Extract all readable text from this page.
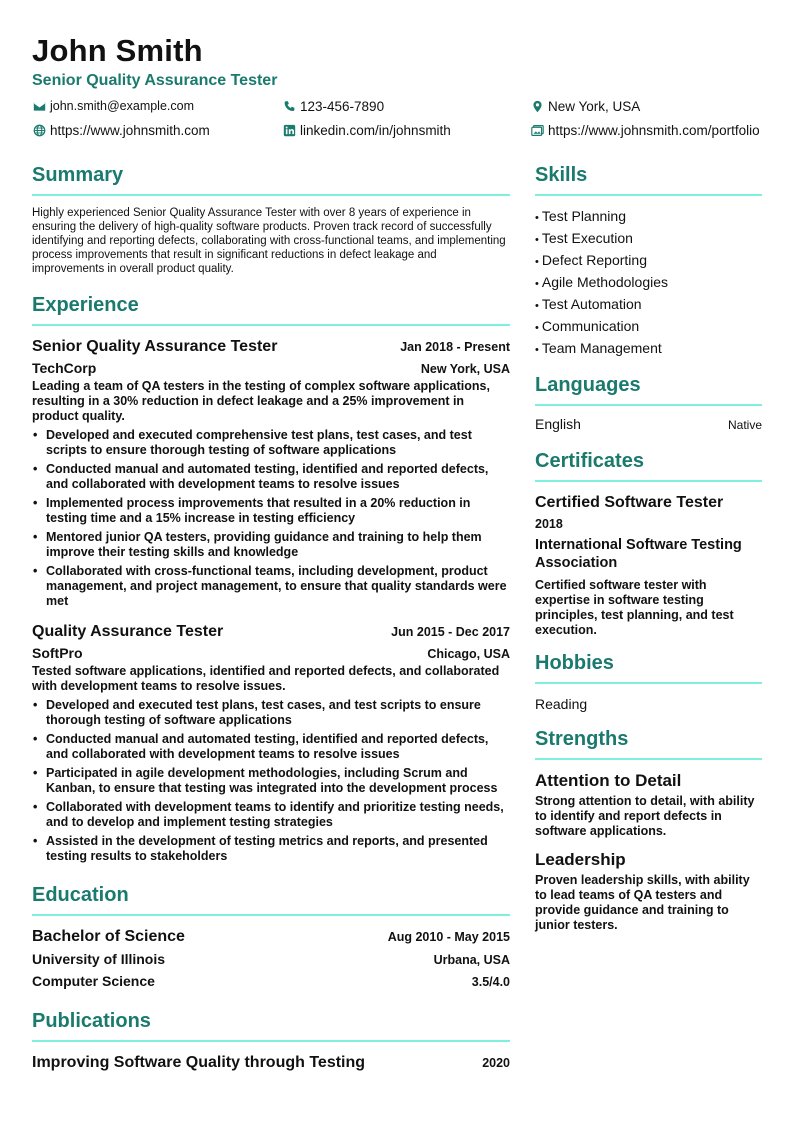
John Smith
Senior Quality Assurance Tester
john.smith@example.com	123-456-7890	New York, USA
https://www.johnsmith.com	linkedin.com/in/johnsmith	https://www.johnsmith.com/portfolio
Summary
Highly experienced Senior Quality Assurance Tester with over 8 years of experience in ensuring the delivery of high-quality software products. Proven track record of successfully identifying and reporting defects, collaborating with cross-functional teams, and implementing process improvements that result in significant reductions in defect leakage and improvements in overall product quality.
Experience
Senior Quality Assurance Tester	Jan 2018 - Present
TechCorp	New York, USA
Leading a team of QA testers in the testing of complex software applications, resulting in a 30% reduction in defect leakage and a 25% improvement in product quality.
• Developed and executed comprehensive test plans, test cases, and test scripts to ensure thorough testing of software applications
• Conducted manual and automated testing, identified and reported defects, and collaborated with development teams to resolve issues
• Implemented process improvements that resulted in a 20% reduction in testing time and a 15% increase in testing efficiency
• Mentored junior QA testers, providing guidance and training to help them improve their testing skills and knowledge
• Collaborated with cross-functional teams, including development, product management, and project management, to ensure that quality standards were met
Quality Assurance Tester	Jun 2015 - Dec 2017
SoftPro	Chicago, USA
Tested software applications, identified and reported defects, and collaborated with development teams to resolve issues.
• Developed and executed test plans, test cases, and test scripts to ensure thorough testing of software applications
• Conducted manual and automated testing, identified and reported defects, and collaborated with development teams to resolve issues
• Participated in agile development methodologies, including Scrum and Kanban, to ensure that testing was integrated into the development process
• Collaborated with development teams to identify and prioritize testing needs, and to develop and implement testing strategies
• Assisted in the development of testing metrics and reports, and presented testing results to stakeholders
Education
Bachelor of Science	Aug 2010 - May 2015
University of Illinois	Urbana, USA
Computer Science	3.5/4.0
Publications
Improving Software Quality through Testing	2020
Skills
• Test Planning
• Test Execution
• Defect Reporting
• Agile Methodologies
• Test Automation
• Communication
• Team Management
Languages
English	Native
Certificates
Certified Software Tester
2018
International Software Testing Association
Certified software tester with expertise in software testing principles, test planning, and test execution.
Hobbies
Reading
Strengths
Attention to Detail
Strong attention to detail, with ability to identify and report defects in software applications.
Leadership
Proven leadership skills, with ability to lead teams of QA testers and provide guidance and training to junior testers.
